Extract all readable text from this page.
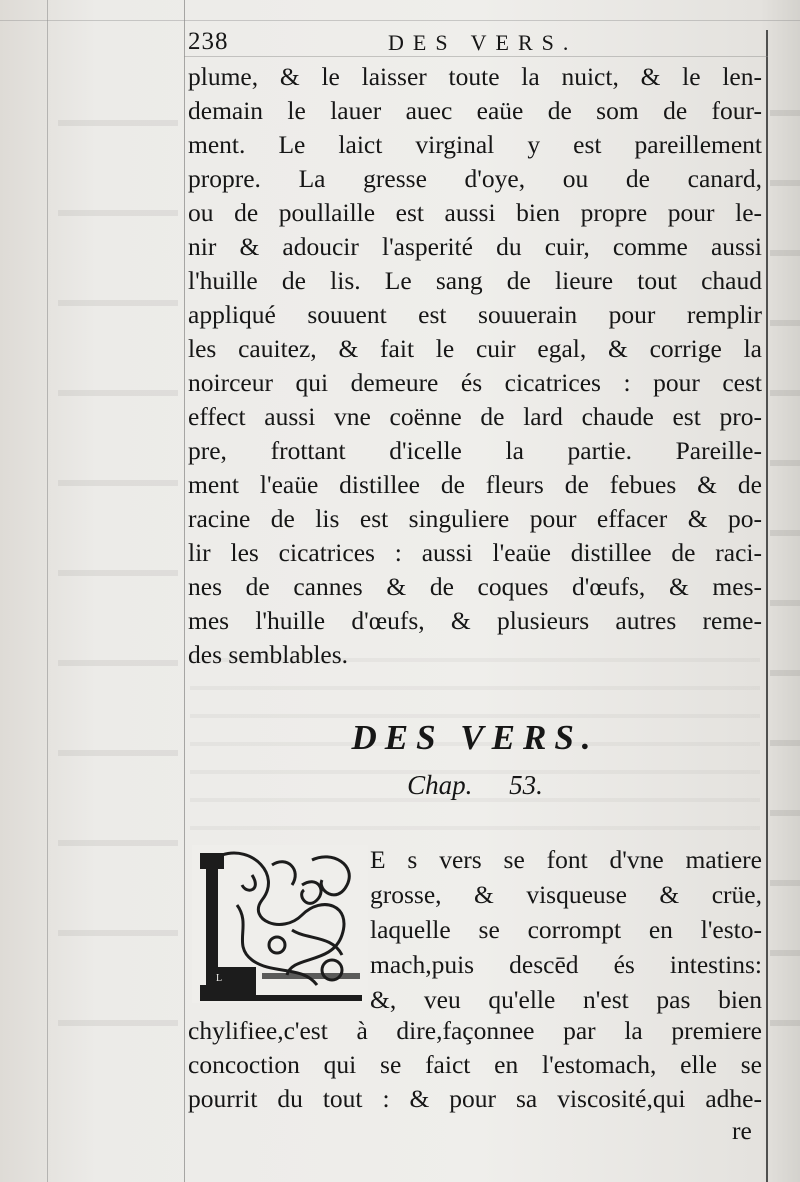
238	DES VERS.
plume, & le laisser toute la nuict, & le len-
demain le lauer auec eaüe de som de four-
ment. Le laict virginal y est pareillement
propre. La gresse d'oye, ou de canard,
ou de poullaille est aussi bien propre pour le-
nir & adoucir l'asperité du cuir, comme aussi
l'huille de lis. Le sang de lieure tout chaud
appliqué souuent est souuerain pour remplir
les cauitez, & fait le cuir egal, & corrige la
noirceur qui demeure és cicatrices : pour cest
effect aussi vne coënne de lard chaude est pro-
pre, frottant d'icelle la partie. Pareille-
ment l'eaüe distillee de fleurs de febues & de
racine de lis est singuliere pour effacer & po-
lir les cicatrices : aussi l'eaüe distillee de raci-
nes de cannes & de coques d'œufs, & mes-
mes l'huille d'œufs, & plusieurs autres reme-
des semblables.
DES VERS.
Chap. 53.
L
E s vers se font d'vne matiere
grosse, & visqueuse & crüe,
laquelle se corrompt en l'esto-
mach,puis descēd és intestins:
&, veu qu'elle n'est pas bien
chylifiee,c'est à dire,façonnee par la premiere
concoction qui se faict en l'estomach, elle se
pourrit du tout : & pour sa viscosité,qui adhe-
re
